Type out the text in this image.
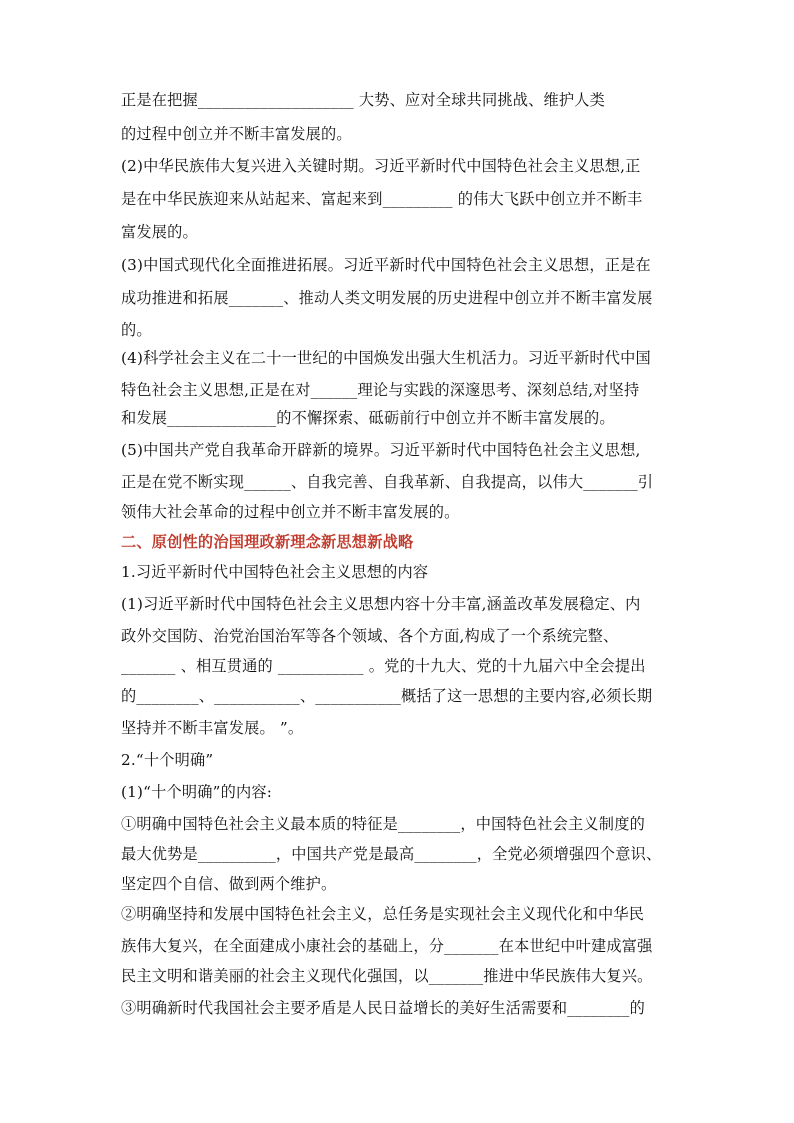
正是在把握____________________ 大势、应对全球共同挑战、维护人类
的过程中创立并不断丰富发展的。
(2)中华民族伟大复兴进入关键时期。习近平新时代中国特色社会主义思想,正
是在中华民族迎来从站起来、富起来到_________ 的伟大飞跃中创立并不断丰
富发展的。
(3)中国式现代化全面推进拓展。习近平新时代中国特色社会主义思想，正是在
成功推进和拓展_______、推动人类文明发展的历史进程中创立并不断丰富发展
的。
(4)科学社会主义在二十一世纪的中国焕发出强大生机活力。习近平新时代中国
特色社会主义思想,正是在对______理论与实践的深邃思考、深刻总结,对坚持
和发展______________的不懈探索、砥砺前行中创立并不断丰富发展的。
(5)中国共产党自我革命开辟新的境界。习近平新时代中国特色社会主义思想,
正是在党不断实现______、自我完善、自我革新、自我提高，以伟大_______引
领伟大社会革命的过程中创立并不断丰富发展的。
二、原创性的治国理政新理念新思想新战略
1.习近平新时代中国特色社会主义思想的内容
(1)习近平新时代中国特色社会主义思想内容十分丰富,涵盖改革发展稳定、内
政外交国防、治党治国治军等各个领域、各个方面,构成了一个系统完整、
_______ 、相互贯通的 ___________ 。党的十九大、党的十九届六中全会提出
的________、___________、___________概括了这一思想的主要内容,必须长期
坚持并不断丰富发展。 ”。
2.“十个明确”
(1)“十个明确”的内容:
①明确中国特色社会主义最本质的特征是________，中国特色社会主义制度的
最大优势是__________，中国共产党是最高________，全党必须增强四个意识、
坚定四个自信、做到两个维护。
②明确坚持和发展中国特色社会主义，总任务是实现社会主义现代化和中华民
族伟大复兴，在全面建成小康社会的基础上，分_______在本世纪中叶建成富强
民主文明和谐美丽的社会主义现代化强国，以_______推进中华民族伟大复兴。
③明确新时代我国社会主要矛盾是人民日益增长的美好生活需要和________的
